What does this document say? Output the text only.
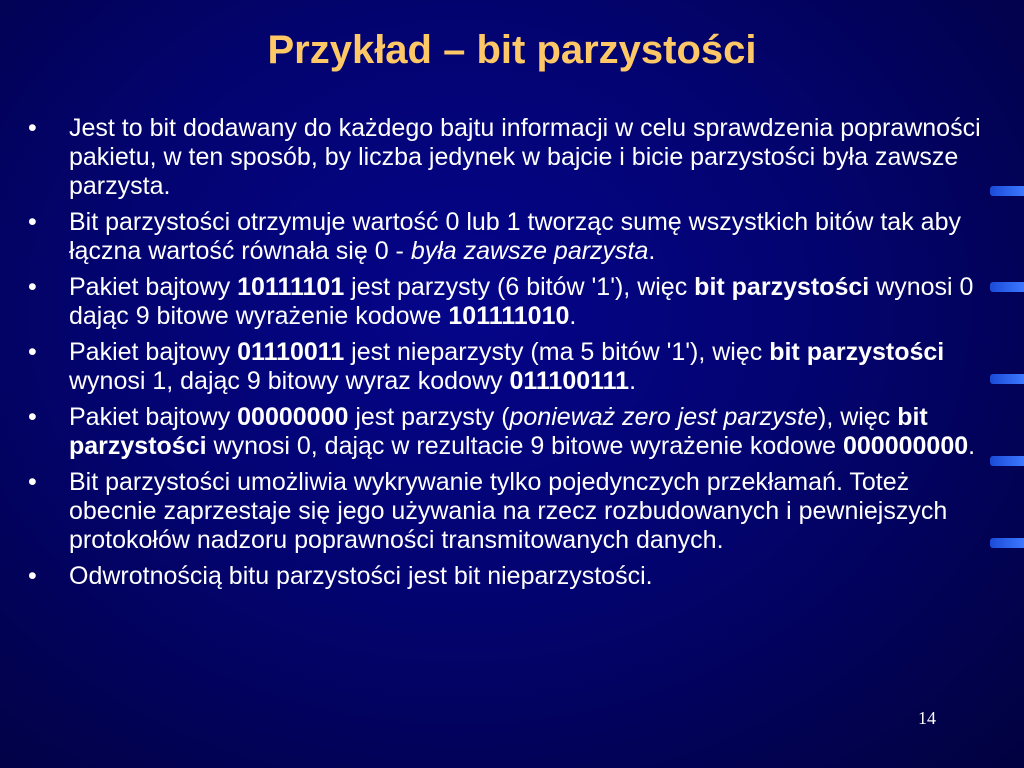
Przykład – bit parzystości
•	Jest to bit dodawany do każdego bajtu informacji w celu sprawdzenia poprawności pakietu, w ten sposób, by liczba jedynek w bajcie i bicie parzystości była zawsze parzysta.
•	Bit parzystości otrzymuje wartość 0 lub 1 tworząc sumę wszystkich bitów tak aby łączna wartość równała się 0 - była zawsze parzysta.
•	Pakiet bajtowy 10111101 jest parzysty (6 bitów '1'), więc bit parzystości wynosi 0 dając 9 bitowe wyrażenie kodowe 101111010.
•	Pakiet bajtowy 01110011 jest nieparzysty (ma 5 bitów '1'), więc bit parzystości wynosi 1, dając 9 bitowy wyraz kodowy 011100111.
•	Pakiet bajtowy 00000000 jest parzysty (ponieważ zero jest parzyste), więc bit parzystości wynosi 0, dając w rezultacie 9 bitowe wyrażenie kodowe 000000000.
•	Bit parzystości umożliwia wykrywanie tylko pojedynczych przekłamań. Toteż obecnie zaprzestaje się jego używania na rzecz rozbudowanych i pewniejszych protokołów nadzoru poprawności transmitowanych danych.
•	Odwrotnością bitu parzystości jest bit nieparzystości.
14
